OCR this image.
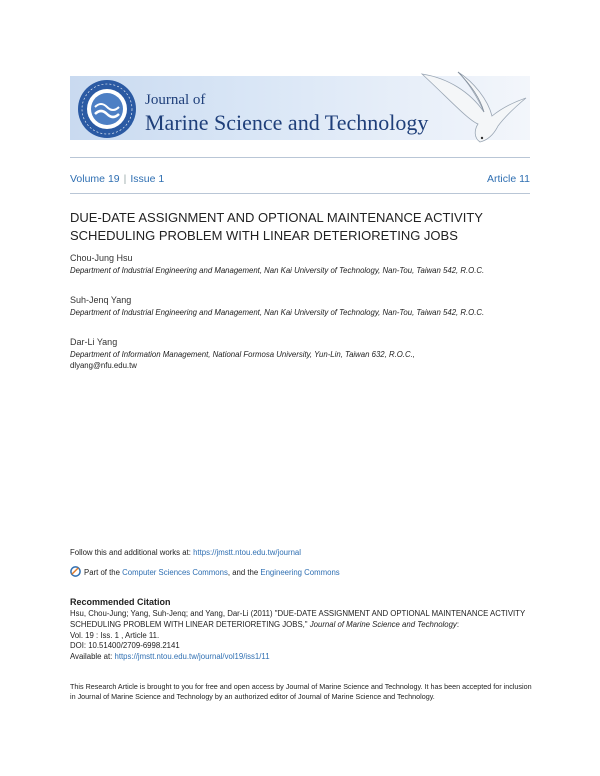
Journal of
Marine Science and Technology
Volume 19 | Issue 1	Article 11
DUE-DATE ASSIGNMENT AND OPTIONAL MAINTENANCE ACTIVITY SCHEDULING PROBLEM WITH LINEAR DETERIORETING JOBS
Chou-Jung Hsu
Department of Industrial Engineering and Management, Nan Kai University of Technology, Nan-Tou, Taiwan 542, R.O.C.
Suh-Jenq Yang
Department of Industrial Engineering and Management, Nan Kai University of Technology, Nan-Tou, Taiwan 542, R.O.C.
Dar-Li Yang
Department of Information Management, National Formosa University, Yun-Lin, Taiwan 632, R.O.C.,
dlyang@nfu.edu.tw
Follow this and additional works at: https://jmstt.ntou.edu.tw/journal
Part of the Computer Sciences Commons, and the Engineering Commons
Recommended Citation
Hsu, Chou-Jung; Yang, Suh-Jenq; and Yang, Dar-Li (2011) "DUE-DATE ASSIGNMENT AND OPTIONAL MAINTENANCE ACTIVITY SCHEDULING PROBLEM WITH LINEAR DETERIORETING JOBS," Journal of Marine Science and Technology:
Vol. 19 : Iss. 1 , Article 11.
DOI: 10.51400/2709-6998.2141
Available at: https://jmstt.ntou.edu.tw/journal/vol19/iss1/11
This Research Article is brought to you for free and open access by Journal of Marine Science and Technology. It has been accepted for inclusion in Journal of Marine Science and Technology by an authorized editor of Journal of Marine Science and Technology.
